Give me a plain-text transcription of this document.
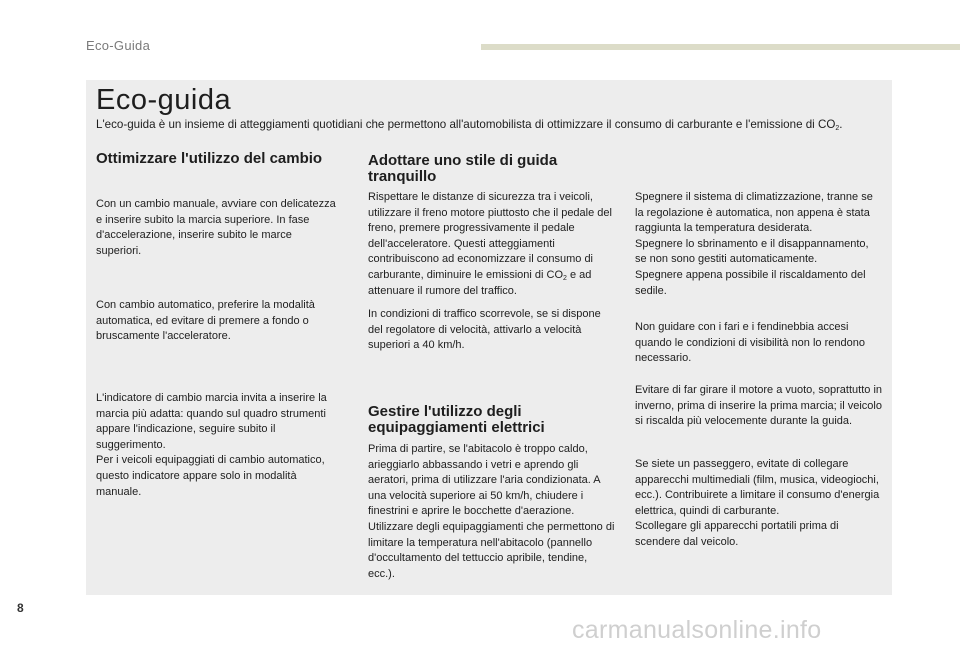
Eco-Guida
Eco-guida
L'eco-guida è un insieme di atteggiamenti quotidiani che permettono all'automobilista di ottimizzare il consumo di carburante e l'emissione di $CO_2$.

Ottimizzare l'utilizzo del cambio

Con un cambio manuale, avviare con delicatezza e inserire subito la marcia superiore. In fase d'accelerazione, inserire subito le marce superiori.

Con cambio automatico, preferire la modalità automatica, ed evitare di premere a fondo o bruscamente l'acceleratore.

L'indicatore di cambio marcia invita a inserire la marcia più adatta: quando sul quadro strumenti appare l'indicazione, seguire subito il suggerimento.

Per i veicoli equipaggiati di cambio automatico, questo indicatore appare solo in modalità manuale.

Adottare uno stile di guida tranquillo

Rispettare le distanze di sicurezza tra i veicoli, utilizzare il freno motore piuttosto che il pedale del freno, premere progressivamente il pedale dell'acceleratore. Questi atteggiamenti contribuiscono ad economizzare il consumo di carburante, diminuire le emissioni di $CO_2$ e ad attenuare il rumore del traffico.

In condizioni di traffico scorrevole, se si dispone del regolatore di velocità, attivarlo a velocità superiori a 40 km/h.

Gestire l'utilizzo degli equipaggiamenti elettrici

Prima di partire, se l'abitacolo è troppo caldo, arieggiarlo abbassando i vetri e aprendo gli aeratori, prima di utilizzare l'aria condizionata. A una velocità superiore ai 50 km/h, chiudere i finestrini e aprire le bocchette d'aerazione. Utilizzare degli equipaggiamenti che permettono di limitare la temperatura nell'abitacolo (pannello d'occultamento del tettuccio apribile, tendine, ecc.).

Spegnere il sistema di climatizzazione, tranne se la regolazione è automatica, non appena è stata raggiunta la temperatura desiderata.

Spegnere lo sbrinamento e il disappannamento, se non sono gestiti automaticamente.

Spegnere appena possibile il riscaldamento del sedile.

Non guidare con i fari e i fendinebbia accesi quando le condizioni di visibilità non lo rendono necessario.

Evitare di far girare il motore a vuoto, soprattutto in inverno, prima di inserire la prima marcia; il veicolo si riscalda più velocemente durante la guida.

Se siete un passeggero, evitate di collegare apparecchi multimediali (film, musica, videogiochi, ecc.). Contribuirete a limitare il consumo d'energia elettrica, quindi di carburante.

Scollegare gli apparecchi portatili prima di scendere dal veicolo.

8
carmanualsonline.info
